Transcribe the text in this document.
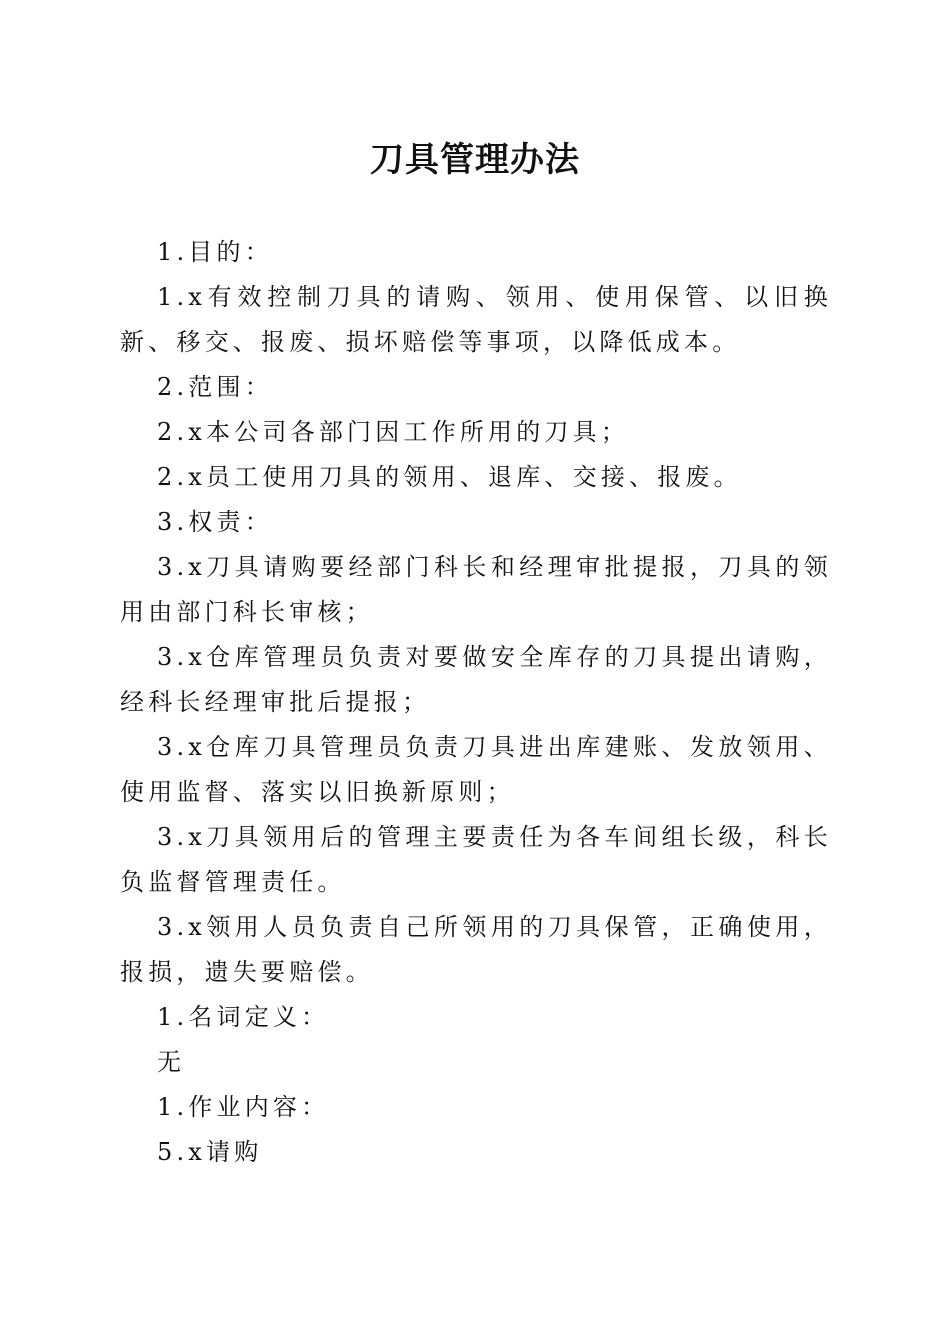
刀具管理办法

1.目的：

1.x有效控制刀具的请购、领用、使用保管、以旧换新、移交、报废、损坏赔偿等事项，以降低成本。

2.范围：

2.x本公司各部门因工作所用的刀具；

2.x员工使用刀具的领用、退库、交接、报废。

3.权责：

3.x刀具请购要经部门科长和经理审批提报，刀具的领用由部门科长审核；

3.x仓库管理员负责对要做安全库存的刀具提出请购，经科长经理审批后提报；

3.x仓库刀具管理员负责刀具进出库建账、发放领用、使用监督、落实以旧换新原则；

3.x刀具领用后的管理主要责任为各车间组长级，科长负监督管理责任。

3.x领用人员负责自己所领用的刀具保管，正确使用，报损，遗失要赔偿。

1.名词定义：

无

1.作业内容：

5.x请购
